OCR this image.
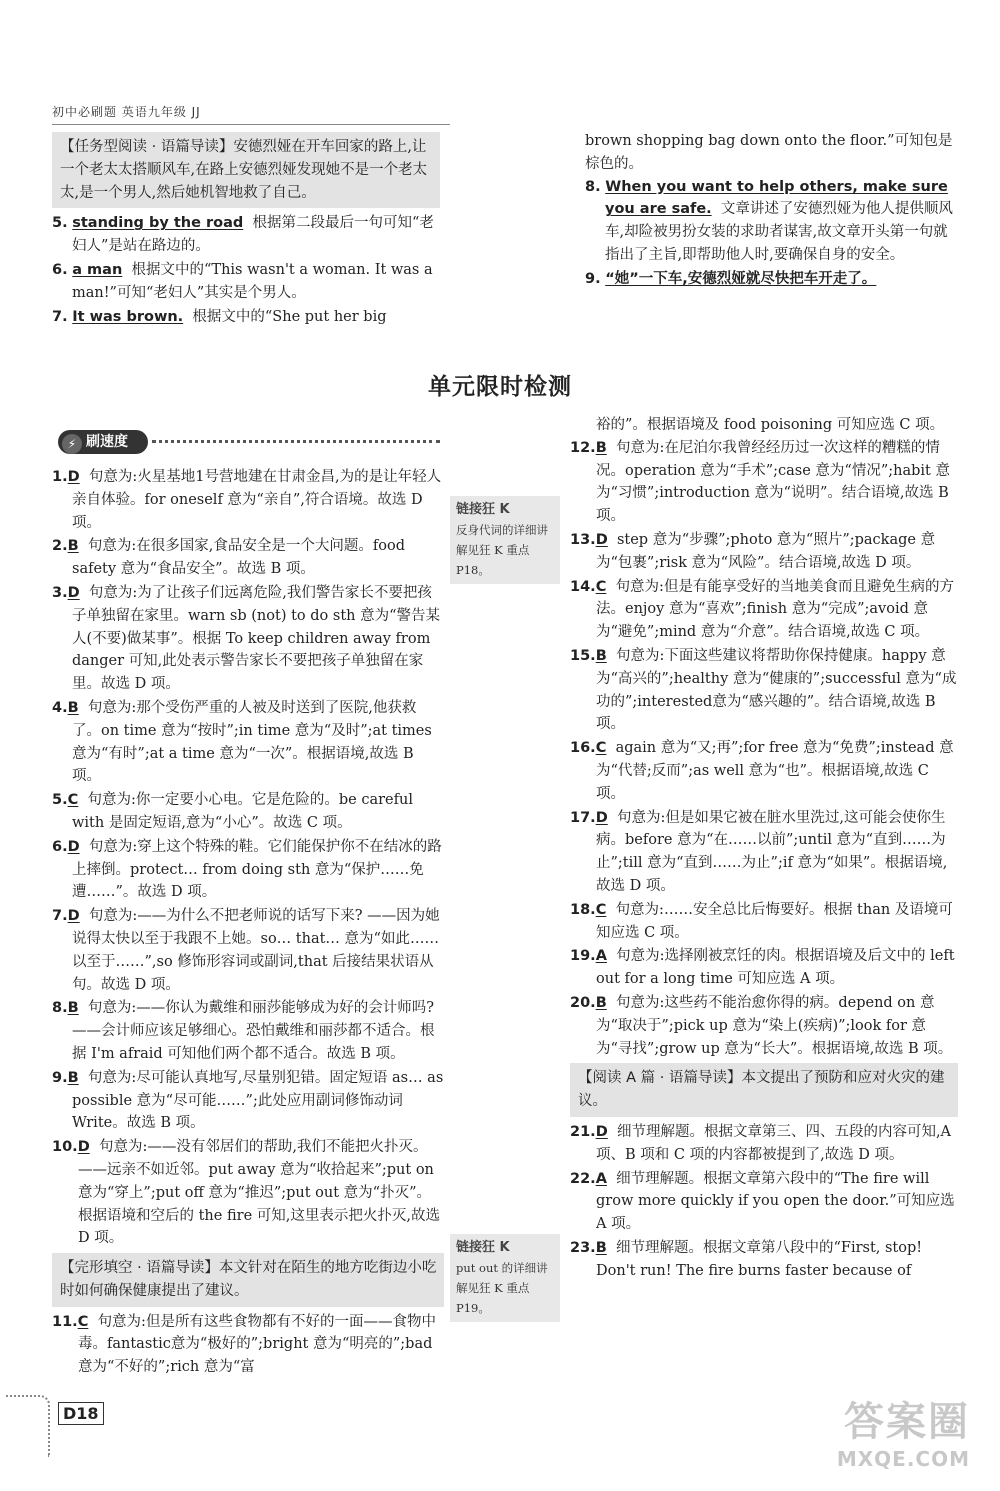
初中必刷题 英语九年级 JJ
【任务型阅读 · 语篇导读】安德烈娅在开车回家的路上,让一个老太太搭顺风车,在路上安德烈娅发现她不是一个老太太,是一个男人,然后她机智地救了自己。
5. standing by the road 根据第二段最后一句可知“老妇人”是站在路边的。
6. a man 根据文中的“This wasn't a woman. It was a man!”可知“老妇人”其实是个男人。
7. It was brown. 根据文中的“She put her big
brown shopping bag down onto the floor.”可知包是棕色的。
8. When you want to help others, make sure you are safe. 文章讲述了安德烈娅为他人提供顺风车,却险被男扮女装的求助者谋害,故文章开头第一句就指出了主旨,即帮助他人时,要确保自身的安全。
9. “她”一下车,安德烈娅就尽快把车开走了。
单元限时检测
⚡ 刷速度
1.D 句意为:火星基地1号营地建在甘肃金昌,为的是让年轻人亲自体验。for oneself 意为“亲自”,符合语境。故选 D 项。
2.B 句意为:在很多国家,食品安全是一个大问题。food safety 意为“食品安全”。故选 B 项。
3.D 句意为:为了让孩子们远离危险,我们警告家长不要把孩子单独留在家里。warn sb (not) to do sth 意为“警告某人(不要)做某事”。根据 To keep children away from danger 可知,此处表示警告家长不要把孩子单独留在家里。故选 D 项。
4.B 句意为:那个受伤严重的人被及时送到了医院,他获救了。on time 意为“按时”;in time 意为“及时”;at times 意为“有时”;at a time 意为“一次”。根据语境,故选 B 项。
5.C 句意为:你一定要小心电。它是危险的。be careful with 是固定短语,意为“小心”。故选 C 项。
6.D 句意为:穿上这个特殊的鞋。它们能保护你不在结冰的路上摔倒。protect… from doing sth 意为“保护……免遭……”。故选 D 项。
7.D 句意为:——为什么不把老师说的话写下来? ——因为她说得太快以至于我跟不上她。so… that… 意为“如此……以至于……”,so 修饰形容词或副词,that 后接结果状语从句。故选 D 项。
8.B 句意为:——你认为戴维和丽莎能够成为好的会计师吗? ——会计师应该足够细心。恐怕戴维和丽莎都不适合。根据 I'm afraid 可知他们两个都不适合。故选 B 项。
9.B 句意为:尽可能认真地写,尽量别犯错。固定短语 as… as possible 意为“尽可能……”;此处应用副词修饰动词 Write。故选 B 项。
10.D 句意为:——没有邻居们的帮助,我们不能把火扑灭。——远亲不如近邻。put away 意为“收拾起来”;put on 意为“穿上”;put off 意为“推迟”;put out 意为“扑灭”。根据语境和空后的 the fire 可知,这里表示把火扑灭,故选 D 项。
【完形填空 · 语篇导读】本文针对在陌生的地方吃街边小吃时如何确保健康提出了建议。
11.C 句意为:但是所有这些食物都有不好的一面——食物中毒。fantastic意为“极好的”;bright 意为“明亮的”;bad 意为“不好的”;rich 意为“富
链接狂 K
反身代词的详细讲解见狂 K 重点 P18。
链接狂 K
put out 的详细讲解见狂 K 重点 P19。
裕的”。根据语境及 food poisoning 可知应选 C 项。
12.B 句意为:在尼泊尔我曾经经历过一次这样的糟糕的情况。operation 意为“手术”;case 意为“情况”;habit 意为“习惯”;introduction 意为“说明”。结合语境,故选 B 项。
13.D step 意为“步骤”;photo 意为“照片”;package 意为“包裹”;risk 意为“风险”。结合语境,故选 D 项。
14.C 句意为:但是有能享受好的当地美食而且避免生病的方法。enjoy 意为“喜欢”;finish 意为“完成”;avoid 意为“避免”;mind 意为“介意”。结合语境,故选 C 项。
15.B 句意为:下面这些建议将帮助你保持健康。happy 意为“高兴的”;healthy 意为“健康的”;successful 意为“成功的”;interested意为“感兴趣的”。结合语境,故选 B 项。
16.C again 意为“又;再”;for free 意为“免费”;instead 意为“代替;反而”;as well 意为“也”。根据语境,故选 C 项。
17.D 句意为:但是如果它被在脏水里洗过,这可能会使你生病。before 意为“在……以前”;until 意为“直到……为止”;till 意为“直到……为止”;if 意为“如果”。根据语境,故选 D 项。
18.C 句意为:……安全总比后悔要好。根据 than 及语境可知应选 C 项。
19.A 句意为:选择刚被烹饪的肉。根据语境及后文中的 left out for a long time 可知应选 A 项。
20.B 句意为:这些药不能治愈你得的病。depend on 意为“取决于”;pick up 意为“染上(疾病)”;look for 意为“寻找”;grow up 意为“长大”。根据语境,故选 B 项。
【阅读 A 篇 · 语篇导读】本文提出了预防和应对火灾的建议。
21.D 细节理解题。根据文章第三、四、五段的内容可知,A 项、B 项和 C 项的内容都被提到了,故选 D 项。
22.A 细节理解题。根据文章第六段中的“The fire will grow more quickly if you open the door.”可知应选 A 项。
23.B 细节理解题。根据文章第八段中的“First, stop! Don't run! The fire burns faster because of
D18	答案圈
MXQE.COM
